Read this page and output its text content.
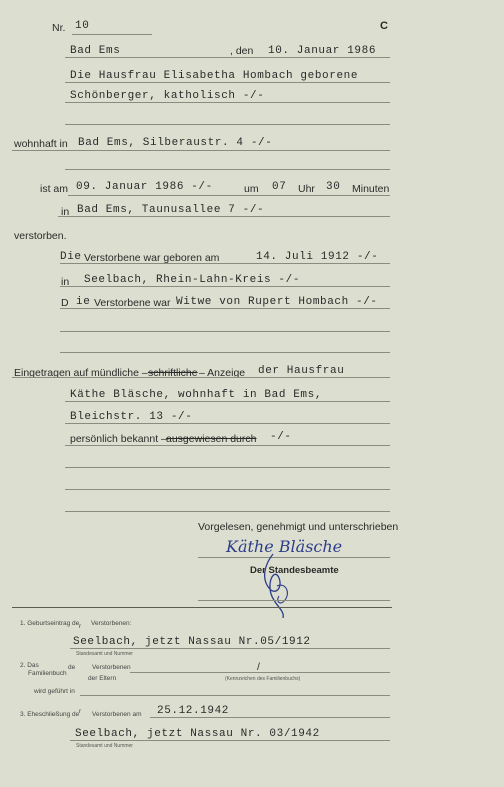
Nr. 10	C
Bad Ems	, den 10. Januar 1986
Die Hausfrau Elisabetha Hombach geborene
Schönberger, katholisch -/-
wohnhaft in Bad Ems, Silberaustr. 4 -/-
ist am 09. Januar 1986 -/-	um 07 Uhr 30 Minuten
in Bad Ems, Taunusallee 7 -/-
verstorben.
Die Verstorbene war geboren am	14. Juli 1912 -/-
in Seelbach, Rhein-Lahn-Kreis -/-
D ie Verstorbene war Witwe von Rupert Hombach -/-
Eingetragen auf mündliche – schriftliche – Anzeige der Hausfrau
Käthe Bläsche, wohnhaft in Bad Ems,
Bleichstr. 13 -/-
persönlich bekannt – ausgewiesen durch -/-
Vorgelesen, genehmigt und unterschrieben
Käthe Bläsche
Der Standesbeamte
1. Geburtseintrag de r Verstorbenen:
Seelbach, jetzt Nassau Nr.05/1912
Standesamt und Nummer
2. Das
Familienbuch
de	Verstorbenen
der Eltern
/
(Kennzeichen des Familienbuchs)
wird geführt in
3. Eheschließung de r Verstorbenen am 25.12.1942
Seelbach, jetzt Nassau Nr. 03/1942
Standesamt und Nummer
